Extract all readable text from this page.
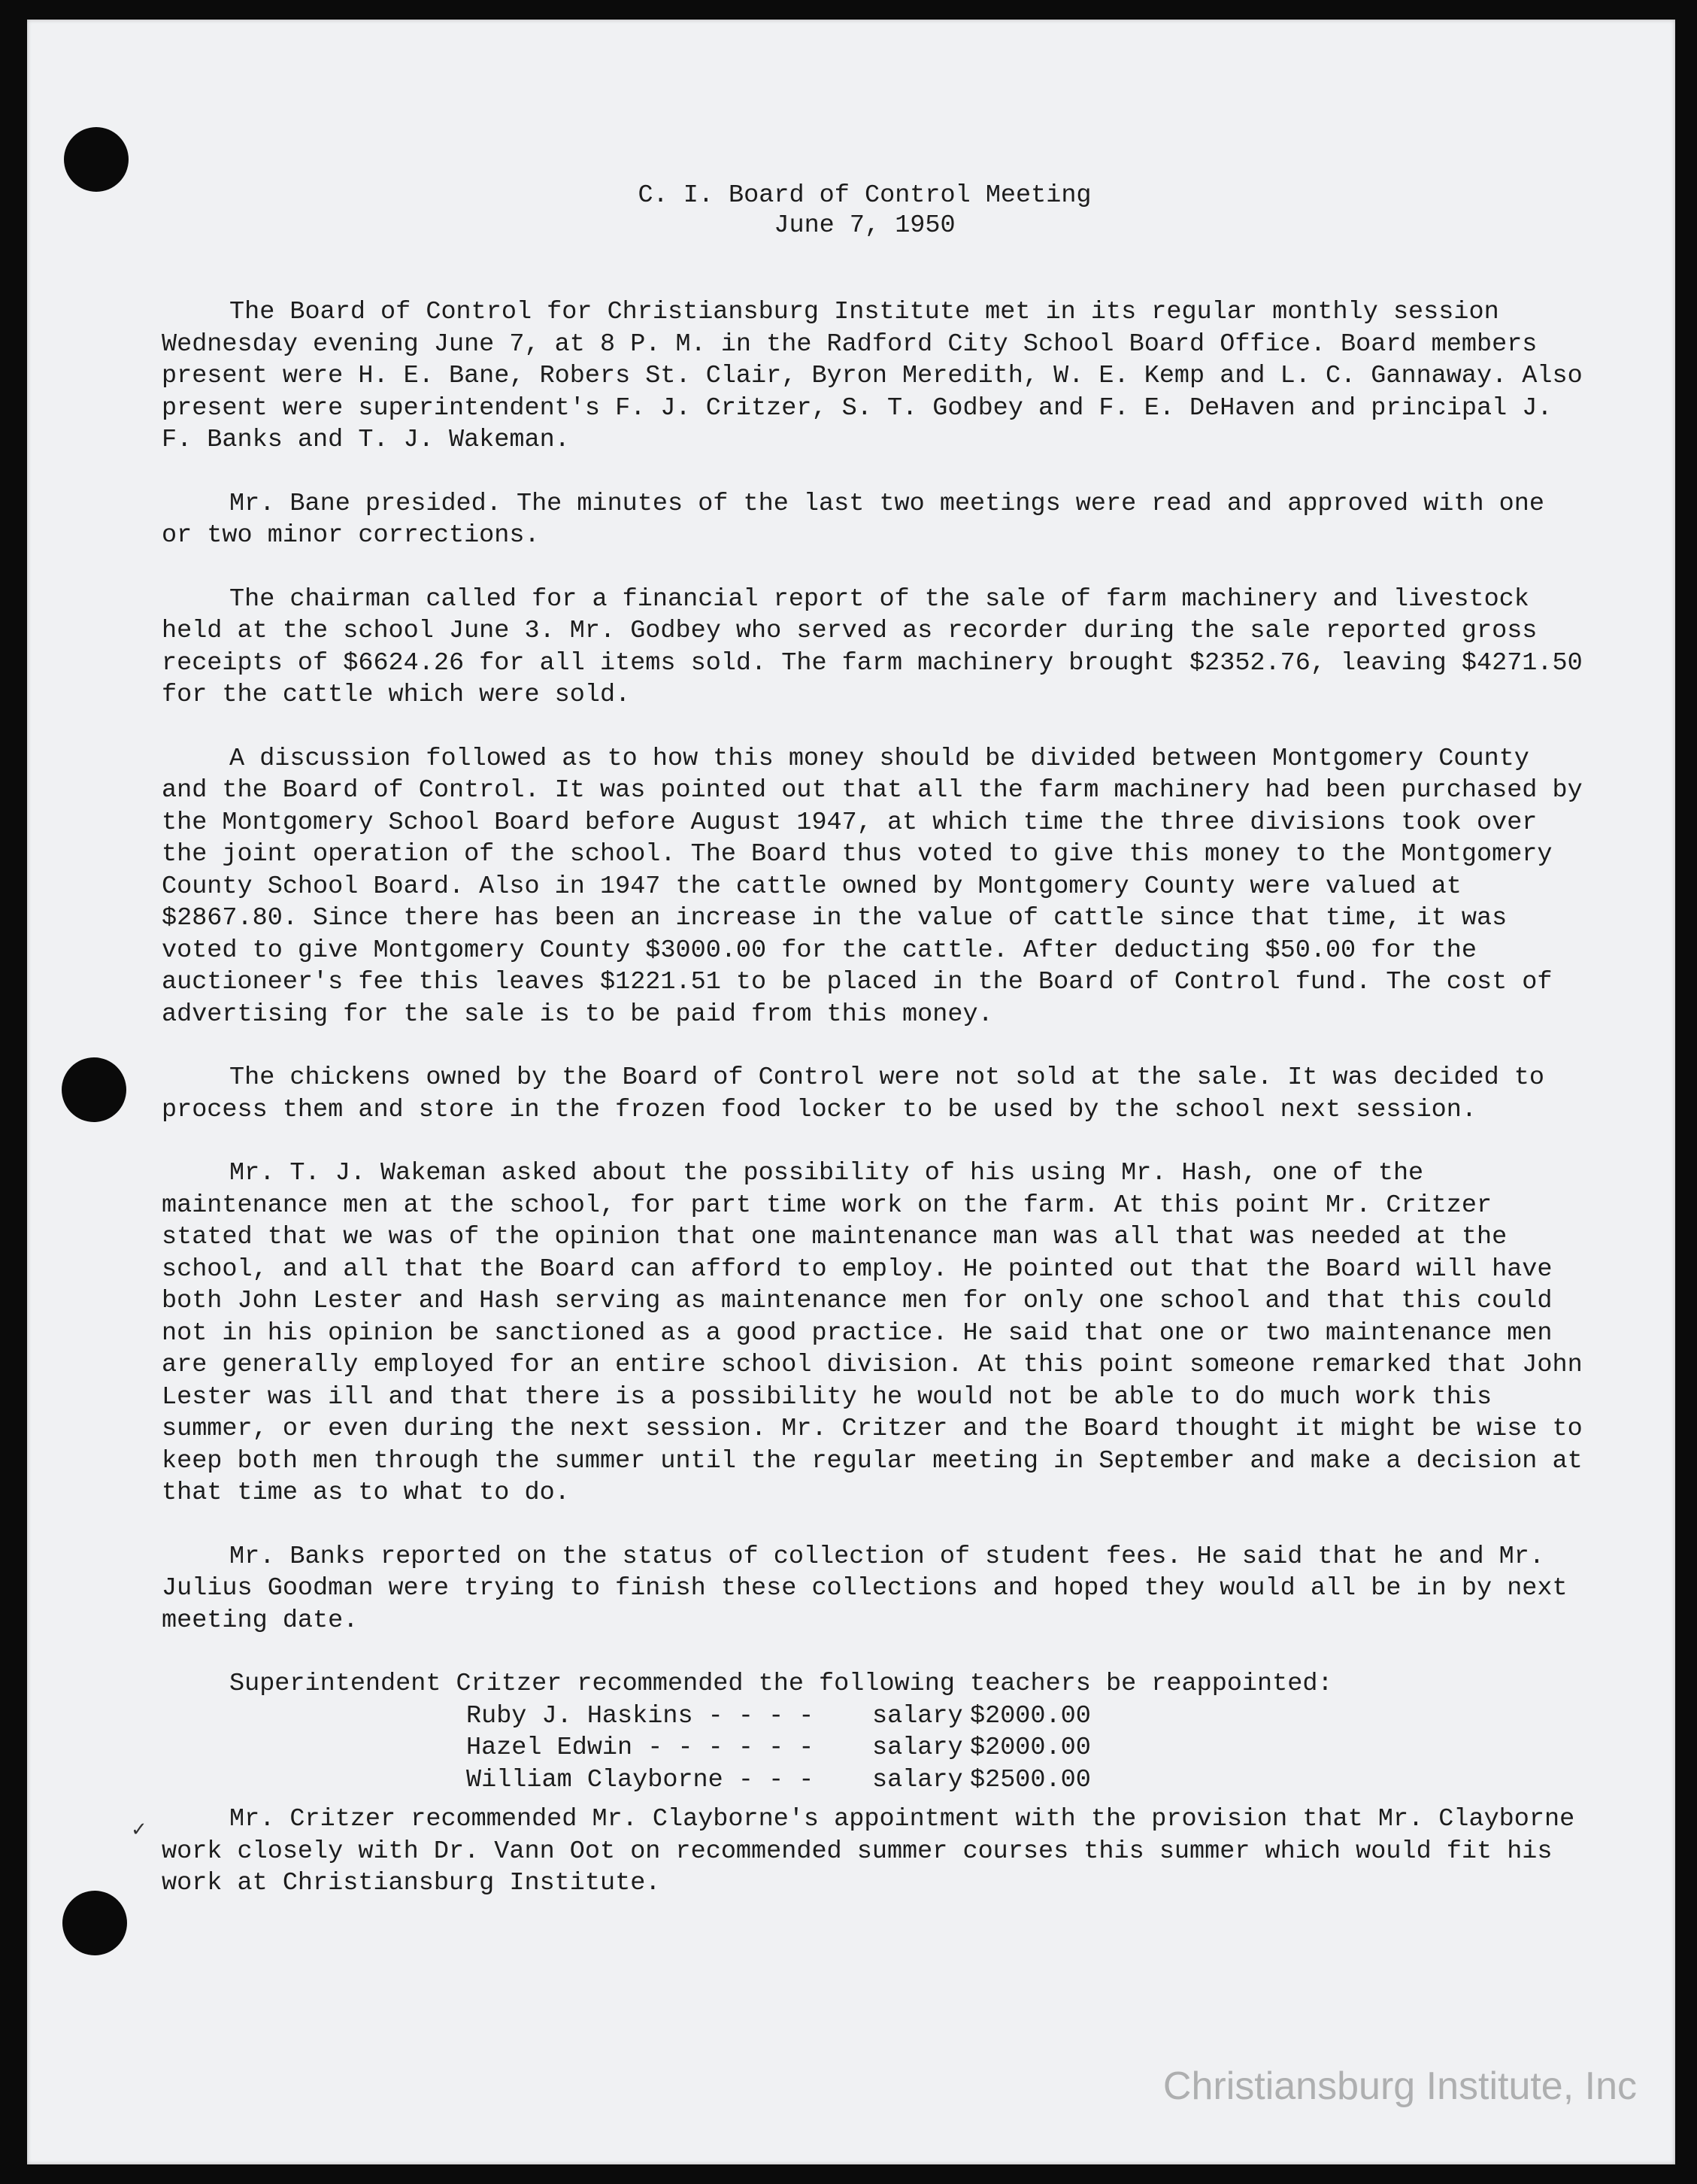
C. I. Board of Control Meeting
June 7, 1950

The Board of Control for Christiansburg Institute met in its regular monthly session Wednesday evening June 7, at 8 P. M. in the Radford City School Board Office. Board members present were H. E. Bane, Robers St. Clair, Byron Meredith, W. E. Kemp and L. C. Gannaway. Also present were superintendent's F. J. Critzer, S. T. Godbey and F. E. DeHaven and principal J. F. Banks and T. J. Wakeman.

Mr. Bane presided. The minutes of the last two meetings were read and approved with one or two minor corrections.

The chairman called for a financial report of the sale of farm machinery and livestock held at the school June 3. Mr. Godbey who served as recorder during the sale reported gross receipts of $6624.26 for all items sold. The farm machinery brought $2352.76, leaving $4271.50 for the cattle which were sold.

A discussion followed as to how this money should be divided between Montgomery County and the Board of Control. It was pointed out that all the farm machinery had been purchased by the Montgomery School Board before August 1947, at which time the three divisions took over the joint operation of the school. The Board thus voted to give this money to the Montgomery County School Board. Also in 1947 the cattle owned by Montgomery County were valued at $2867.80. Since there has been an increase in the value of cattle since that time, it was voted to give Montgomery County $3000.00 for the cattle. After deducting $50.00 for the auctioneer's fee this leaves $1221.51 to be placed in the Board of Control fund. The cost of advertising for the sale is to be paid from this money.

The chickens owned by the Board of Control were not sold at the sale. It was decided to process them and store in the frozen food locker to be used by the school next session.

Mr. T. J. Wakeman asked about the possibility of his using Mr. Hash, one of the maintenance men at the school, for part time work on the farm. At this point Mr. Critzer stated that we was of the opinion that one maintenance man was all that was needed at the school, and all that the Board can afford to employ. He pointed out that the Board will have both John Lester and Hash serving as maintenance men for only one school and that this could not in his opinion be sanctioned as a good practice. He said that one or two maintenance men are generally employed for an entire school division. At this point someone remarked that John Lester was ill and that there is a possibility he would not be able to do much work this summer, or even during the next session. Mr. Critzer and the Board thought it might be wise to keep both men through the summer until the regular meeting in September and make a decision at that time as to what to do.

Mr. Banks reported on the status of collection of student fees. He said that he and Mr. Julius Goodman were trying to finish these collections and hoped they would all be in by next meeting date.

Superintendent Critzer recommended the following teachers be reappointed:

Ruby J. Haskins - - - -	salary $2000.00
Hazel Edwin - - - - - -	salary $2000.00
William Clayborne - - -	salary $2500.00

Mr. Critzer recommended Mr. Clayborne's appointment with the provision that Mr. Clayborne work closely with Dr. Vann Oot on recommended summer courses this summer which would fit his work at Christiansburg Institute.

✓
Christiansburg Institute, Inc
